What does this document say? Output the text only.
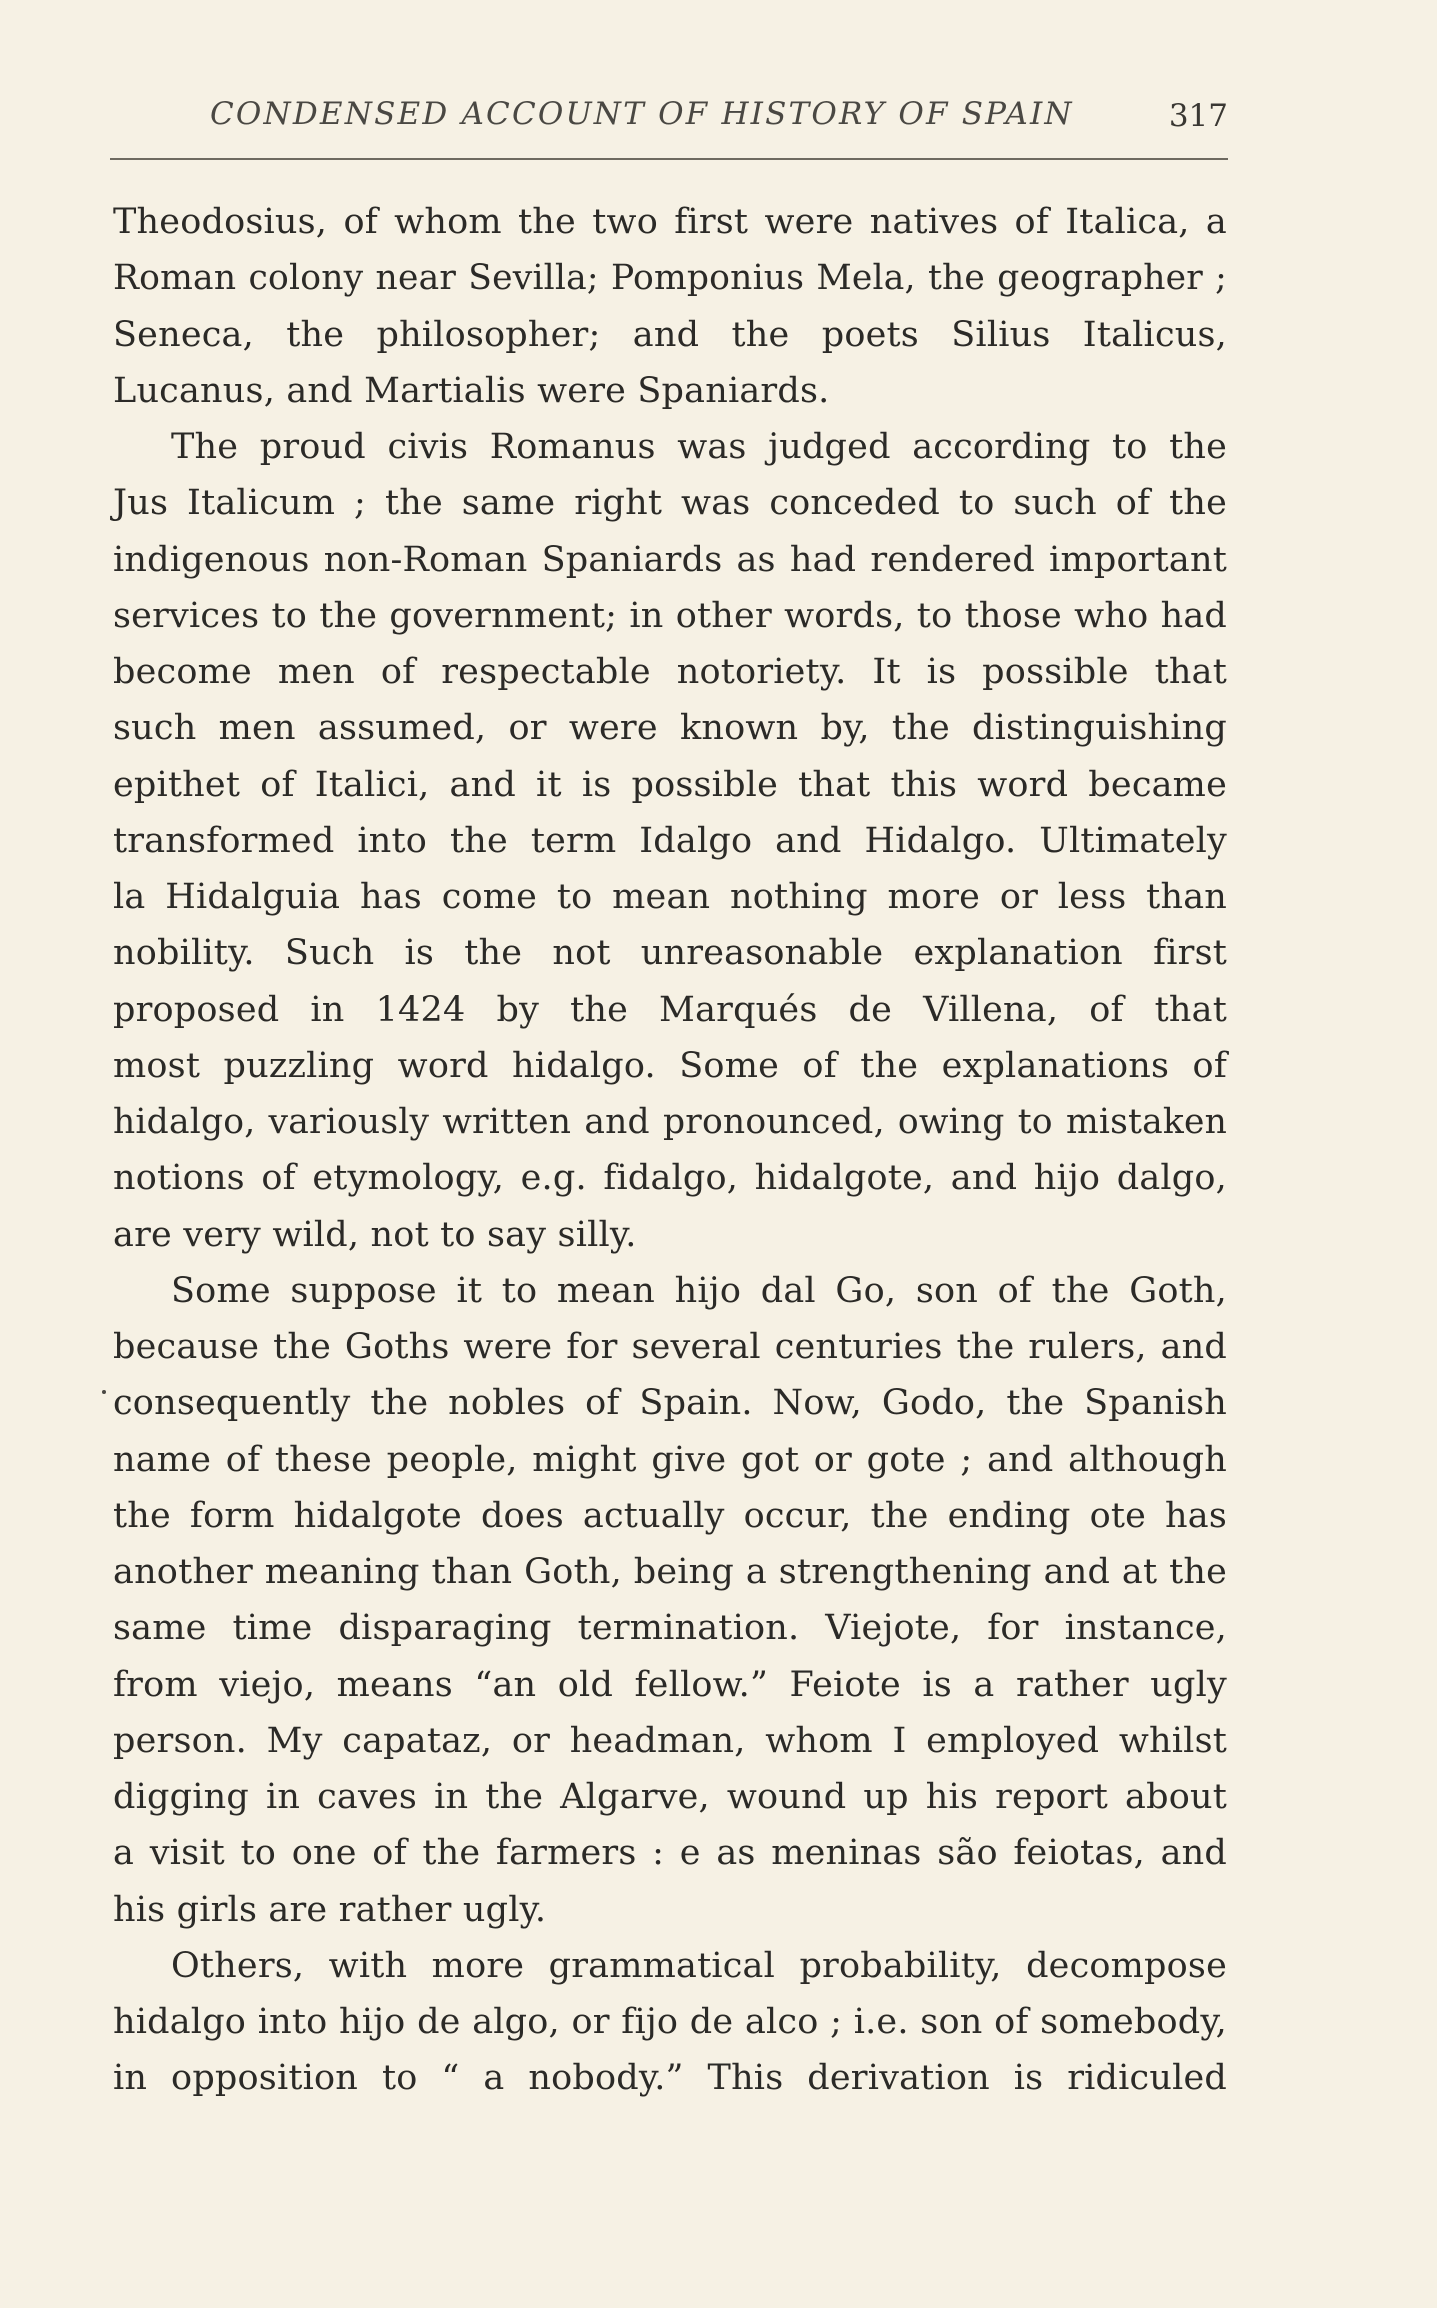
CONDENSED ACCOUNT OF HISTORY OF SPAIN	317
Theodosius, of whom the two first were natives of Italica, a
Roman colony near Sevilla; Pomponius Mela, the geographer ;
Seneca, the philosopher; and the poets Silius Italicus,
Lucanus, and Martialis were Spaniards.
The proud civis Romanus was judged according to the
Jus Italicum ; the same right was conceded to such of the
indigenous non-Roman Spaniards as had rendered important
services to the government; in other words, to those who had
become men of respectable notoriety. It is possible that
such men assumed, or were known by, the distinguishing
epithet of Italici, and it is possible that this word became
transformed into the term Idalgo and Hidalgo. Ultimately
la Hidalguia has come to mean nothing more or less than
nobility. Such is the not unreasonable explanation first
proposed in 1424 by the Marqués de Villena, of that
most puzzling word hidalgo. Some of the explanations of
hidalgo, variously written and pronounced, owing to mistaken
notions of etymology, e.g. fidalgo, hidalgote, and hijo dalgo,
are very wild, not to say silly.
Some suppose it to mean hijo dal Go, son of the Goth,
because the Goths were for several centuries the rulers, and
consequently the nobles of Spain. Now, Godo, the Spanish
name of these people, might give got or gote ; and although
the form hidalgote does actually occur, the ending ote has
another meaning than Goth, being a strengthening and at the
same time disparaging termination. Viejote, for instance,
from viejo, means “an old fellow.” Feiote is a rather ugly
person. My capataz, or headman, whom I employed whilst
digging in caves in the Algarve, wound up his report about
a visit to one of the farmers : e as meninas são feiotas, and
his girls are rather ugly.
Others, with more grammatical probability, decompose
hidalgo into hijo de algo, or fijo de alco ; i.e. son of somebody,
in opposition to “ a nobody.” This derivation is ridiculed
